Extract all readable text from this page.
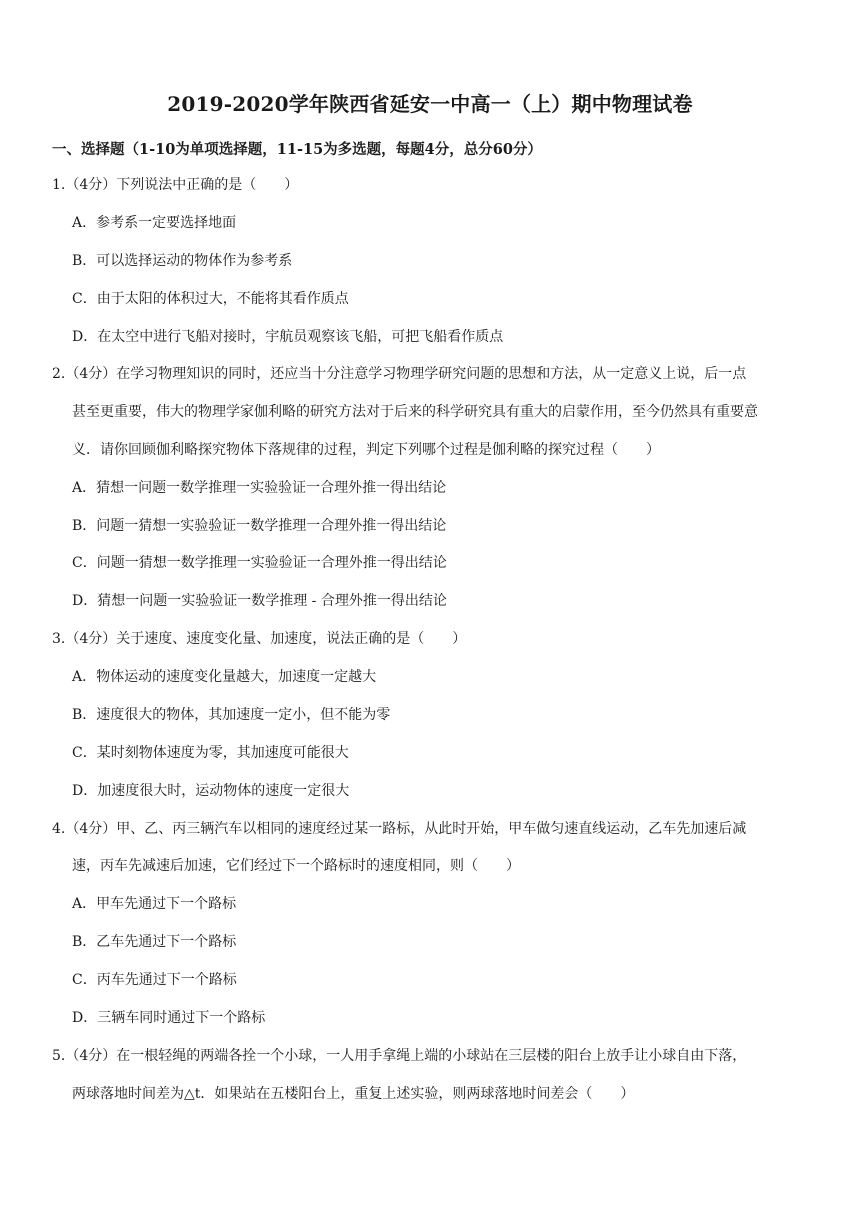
2019-2020学年陕西省延安一中高一（上）期中物理试卷
一、选择题（1-10为单项选择题，11-15为多选题，每题4分，总分60分）
1.（4分）下列说法中正确的是（　　）
A．参考系一定要选择地面
B．可以选择运动的物体作为参考系
C．由于太阳的体积过大，不能将其看作质点
D．在太空中进行飞船对接时，宇航员观察该飞船，可把飞船看作质点
2.（4分）在学习物理知识的同时，还应当十分注意学习物理学研究问题的思想和方法，从一定意义上说，后一点
甚至更重要，伟大的物理学家伽利略的研究方法对于后来的科学研究具有重大的启蒙作用，至今仍然具有重要意
义．请你回顾伽利略探究物体下落规律的过程，判定下列哪个过程是伽利略的探究过程（　　）
A．猜想一问题一数学推理一实验验证一合理外推一得出结论
B．问题一猜想一实验验证一数学推理一合理外推一得出结论
C．问题一猜想一数学推理一实验验证一合理外推一得出结论
D．猜想一问题一实验验证一数学推理 - 合理外推一得出结论
3.（4分）关于速度、速度变化量、加速度，说法正确的是（　　）
A．物体运动的速度变化量越大，加速度一定越大
B．速度很大的物体，其加速度一定小，但不能为零
C．某时刻物体速度为零，其加速度可能很大
D．加速度很大时，运动物体的速度一定很大
4.（4分）甲、乙、丙三辆汽车以相同的速度经过某一路标，从此时开始，甲车做匀速直线运动，乙车先加速后减
速，丙车先减速后加速，它们经过下一个路标时的速度相同，则（　　）
A．甲车先通过下一个路标
B．乙车先通过下一个路标
C．丙车先通过下一个路标
D．三辆车同时通过下一个路标
5.（4分）在一根轻绳的两端各拴一个小球，一人用手拿绳上端的小球站在三层楼的阳台上放手让小球自由下落，
两球落地时间差为△t．如果站在五楼阳台上，重复上述实验，则两球落地时间差会（　　）
